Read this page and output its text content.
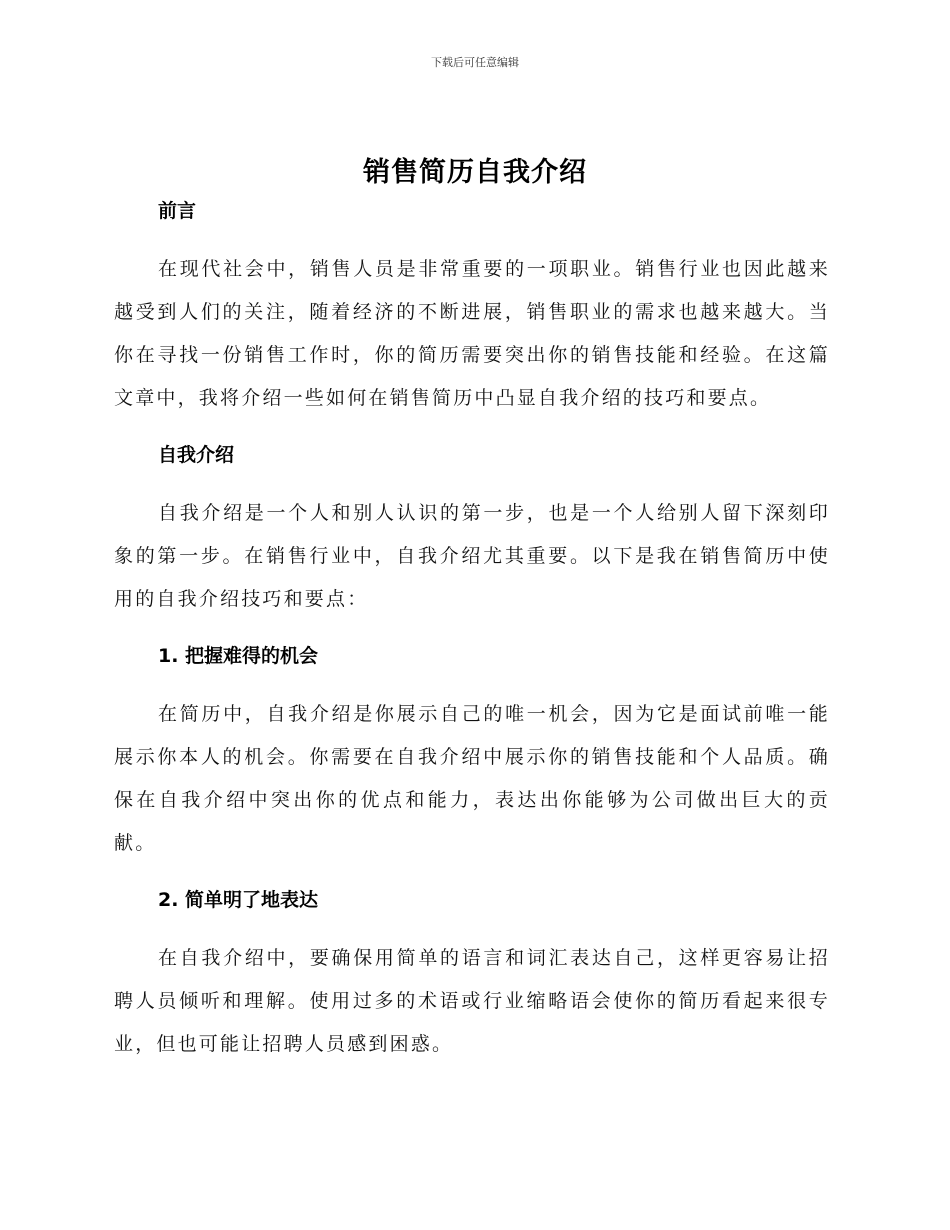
下载后可任意编辑
销售简历自我介绍
前言

在现代社会中，销售人员是非常重要的一项职业。销售行业也因此越来越受到人们的关注，随着经济的不断进展，销售职业的需求也越来越大。当你在寻找一份销售工作时，你的简历需要突出你的销售技能和经验。在这篇文章中，我将介绍一些如何在销售简历中凸显自我介绍的技巧和要点。

自我介绍

自我介绍是一个人和别人认识的第一步，也是一个人给别人留下深刻印象的第一步。在销售行业中，自我介绍尤其重要。以下是我在销售简历中使用的自我介绍技巧和要点：

1. 把握难得的机会

在简历中，自我介绍是你展示自己的唯一机会，因为它是面试前唯一能展示你本人的机会。你需要在自我介绍中展示你的销售技能和个人品质。确保在自我介绍中突出你的优点和能力，表达出你能够为公司做出巨大的贡献。

2. 简单明了地表达

在自我介绍中，要确保用简单的语言和词汇表达自己，这样更容易让招聘人员倾听和理解。使用过多的术语或行业缩略语会使你的简历看起来很专业，但也可能让招聘人员感到困惑。
